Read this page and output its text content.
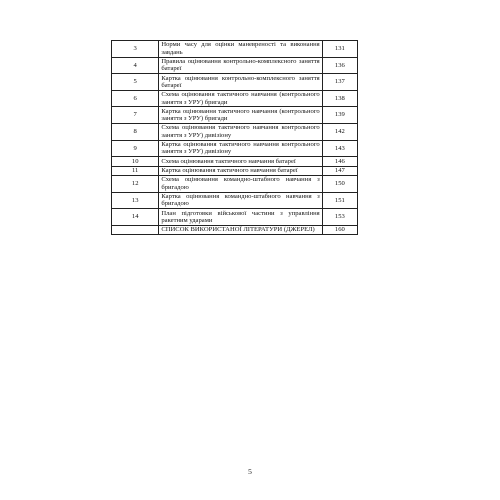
3	Норми часу для оцінки маневреності та виконання завдань	131
4	Правила оцінювання контрольно-комплексного заняття батареї	136
5	Картка оцінювання контрольно-комплексного заняття батареї	137
6	Схема оцінювання тактичного навчання (контрольного заняття з УРУ) бригади	138
7	Картка оцінювання тактичного навчання (контрольного заняття з УРУ) бригади	139
8	Схема оцінювання тактичного навчання контрольного заняття з УРУ) дивізіону	142
9	Картка оцінювання тактичного навчання контрольного заняття з УРУ) дивізіону	143
10	Схема оцінювання тактичного навчання батареї	146
11	Картка оцінювання тактичного навчання батареї	147
12	Схема оцінювання командно-штабного навчання з бригадою	150
13	Картка оцінювання командно-штабного навчання з бригадою	151
14	План підготовки військової частини з управління ракетним ударами	153
	СПИСОК ВИКОРИСТАНОЇ ЛІТЕРАТУРИ (ДЖЕРЕЛ)	160
5
